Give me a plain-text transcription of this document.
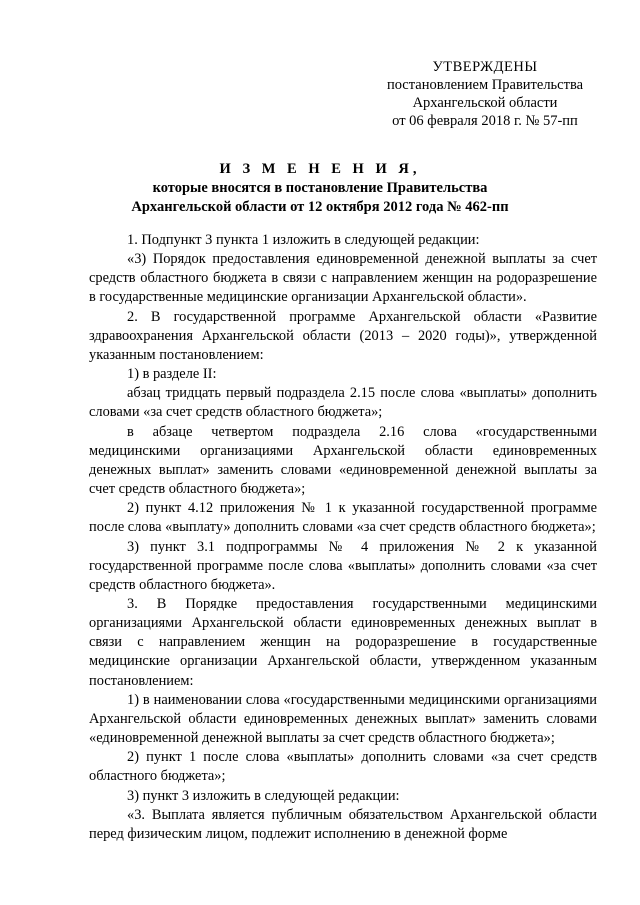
УТВЕРЖДЕНЫ
постановлением Правительства
Архангельской области
от 06 февраля 2018 г. № 57-пп
И З М Е Н Е Н И Я,
которые вносятся в постановление Правительства
Архангельской области от 12 октября 2012 года № 462-пп

1. Подпункт 3 пункта 1 изложить в следующей редакции:

«3) Порядок предоставления единовременной денежной выплаты за счет средств областного бюджета в связи с направлением женщин на родоразрешение в государственные медицинские организации Архангельской области».

2. В государственной программе Архангельской области «Развитие здравоохранения Архангельской области (2013 – 2020 годы)», утвержденной указанным постановлением:

1) в разделе II:

абзац тридцать первый подраздела 2.15 после слова «выплаты» дополнить словами «за счет средств областного бюджета»;

в абзаце четвертом подраздела 2.16 слова «государственными медицинскими организациями Архангельской области единовременных денежных выплат» заменить словами «единовременной денежной выплаты за счет средств областного бюджета»;

2) пункт 4.12 приложения № 1 к указанной государственной программе после слова «выплату» дополнить словами «за счет средств областного бюджета»;

3) пункт 3.1 подпрограммы № 4 приложения № 2 к указанной государственной программе после слова «выплаты» дополнить словами «за счет средств областного бюджета».

3. В Порядке предоставления государственными медицинскими организациями Архангельской области единовременных денежных выплат в связи с направлением женщин на родоразрешение в государственные медицинские организации Архангельской области, утвержденном указанным постановлением:

1) в наименовании слова «государственными медицинскими организациями Архангельской области единовременных денежных выплат» заменить словами «единовременной денежной выплаты за счет средств областного бюджета»;

2) пункт 1 после слова «выплаты» дополнить словами «за счет средств областного бюджета»;

3) пункт 3 изложить в следующей редакции:

«3. Выплата является публичным обязательством Архангельской области перед физическим лицом, подлежит исполнению в денежной форме
